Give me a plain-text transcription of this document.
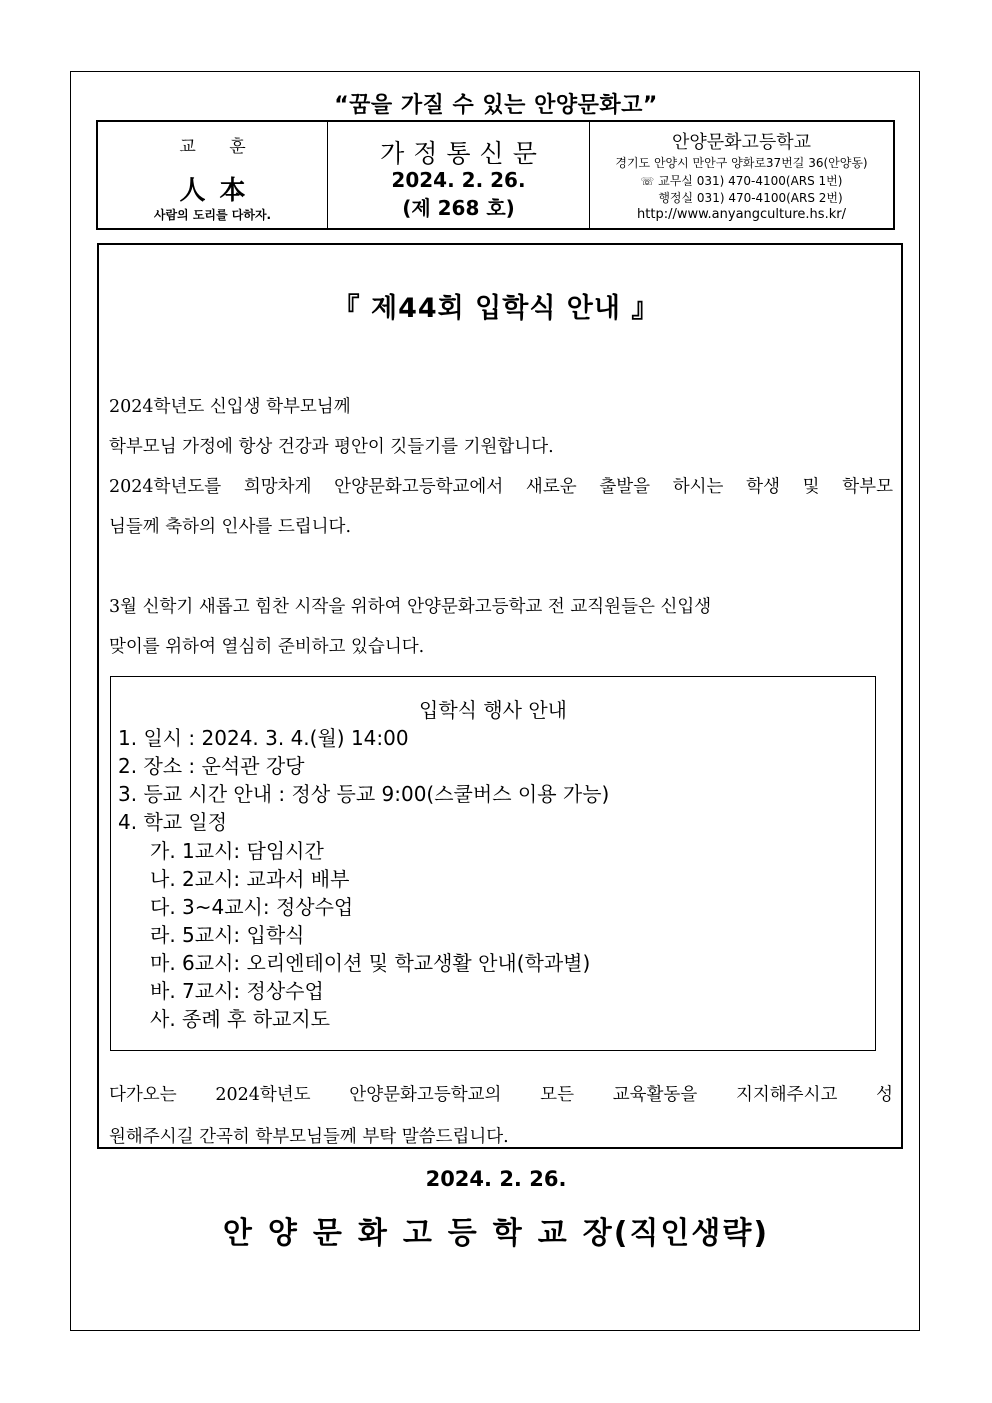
“꿈을 가질 수 있는 안양문화고”
교 훈
人本
사람의 도리를 다하자.
가정통신문
2024. 2. 26.
(제 268 호)
안양문화고등학교
경기도 안양시 만안구 양화로37번길 36(안양동)
☏ 교무실 031) 470-4100(ARS 1번)
행정실 031) 470-4100(ARS 2번)
http://www.anyangculture.hs.kr/
『 제44회 입학식 안내 』
2024학년도 신입생 학부모님께
학부모님 가정에 항상 건강과 평안이 깃들기를 기원합니다.
2024학년도를 희망차게 안양문화고등학교에서 새로운 출발을 하시는 학생 및 학부모
님들께 축하의 인사를 드립니다.
3월 신학기 새롭고 힘찬 시작을 위하여 안양문화고등학교 전 교직원들은 신입생
맞이를 위하여 열심히 준비하고 있습니다.
입학식 행사 안내
1. 일시 : 2024. 3. 4.(월) 14:00
2. 장소 : 운석관 강당
3. 등교 시간 안내 : 정상 등교 9:00(스쿨버스 이용 가능)
4. 학교 일정
가. 1교시: 담임시간
나. 2교시: 교과서 배부
다. 3~4교시: 정상수업
라. 5교시: 입학식
마. 6교시: 오리엔테이션 및 학교생활 안내(학과별)
바. 7교시: 정상수업
사. 종례 후 하교지도
다가오는 2024학년도 안양문화고등학교의 모든 교육활동을 지지해주시고 성
원해주시길 간곡히 학부모님들께 부탁 말씀드립니다.
2024. 2. 26.
안양문화고등학교장(직인생략)
